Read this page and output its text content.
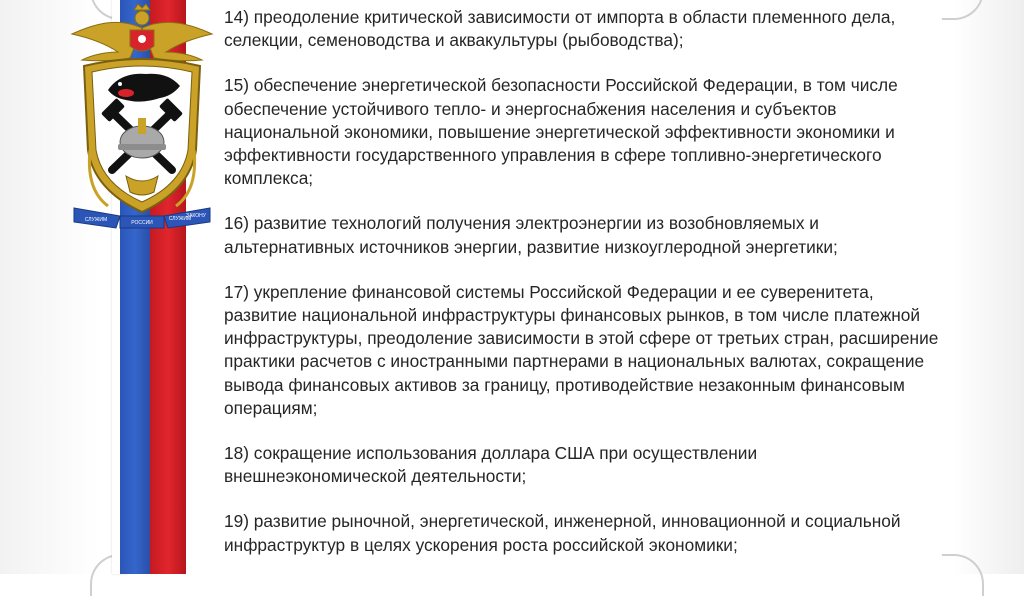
СЛУЖИМ	РОССИИ
СЛУЖИМ
ЗАКОНУ

14) преодоление критической зависимости от импорта в области племенного дела, селекции, семеноводства и аквакультуры (рыбоводства);

15) обеспечение энергетической безопасности Российской Федерации, в том числе обеспечение устойчивого тепло- и энергоснабжения населения и субъектов национальной экономики, повышение энергетической эффективности экономики и эффективности государственного управления в сфере топливно-энергетического комплекса;

16) развитие технологий получения электроэнергии из возобновляемых и альтернативных источников энергии, развитие низкоуглеродной энергетики;

17) укрепление финансовой системы Российской Федерации и ее суверенитета, развитие национальной инфраструктуры финансовых рынков, в том числе платежной инфраструктуры, преодоление зависимости в этой сфере от третьих стран, расширение практики расчетов с иностранными партнерами в национальных валютах, сокращение вывода финансовых активов за границу, противодействие незаконным финансовым операциям;

18) сокращение использования доллара США при осуществлении внешнеэкономической деятельности;

19) развитие рыночной, энергетической, инженерной, инновационной и социальной инфраструктур в целях ускорения роста российской экономики;
